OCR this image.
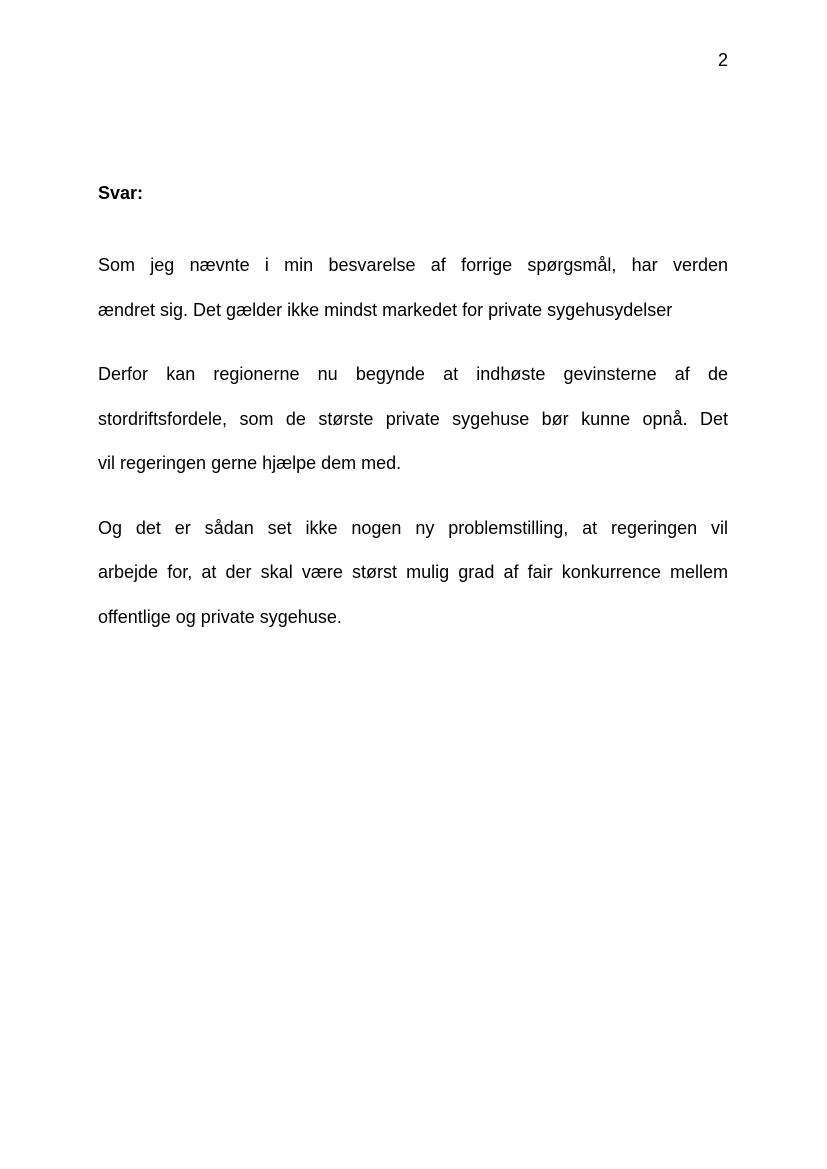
2
Svar:
Som jeg nævnte i min besvarelse af forrige spørgsmål, har verden
ændret sig. Det gælder ikke mindst markedet for private sygehusydelser
Derfor kan regionerne nu begynde at indhøste gevinsterne af de
stordriftsfordele, som de største private sygehuse bør kunne opnå. Det
vil regeringen gerne hjælpe dem med.
Og det er sådan set ikke nogen ny problemstilling, at regeringen vil
arbejde for, at der skal være størst mulig grad af fair konkurrence mellem
offentlige og private sygehuse.
